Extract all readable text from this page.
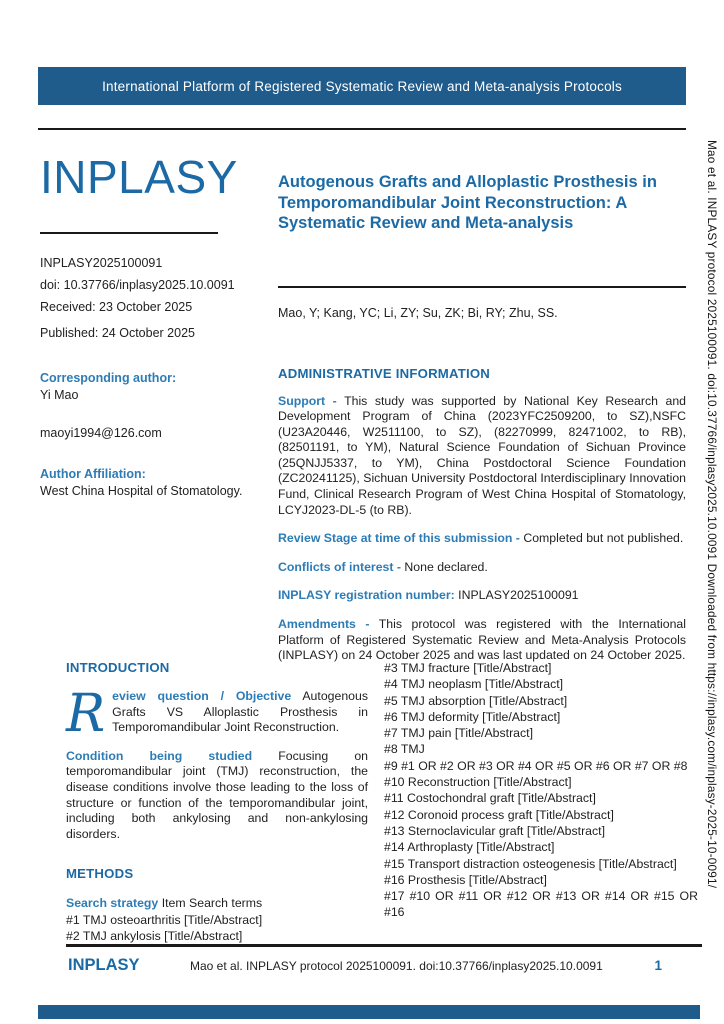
International Platform of Registered Systematic Review and Meta-analysis Protocols
INPLASY
INPLASY2025100091
doi: 10.37766/inplasy2025.10.0091
Received: 23 October 2025
Published: 24 October 2025
Corresponding author:
Yi Mao
maoyi1994@126.com
Author Affiliation:
West China Hospital of Stomatology.
Autogenous Grafts and Alloplastic Prosthesis in Temporomandibular Joint Reconstruction: A Systematic Review and Meta-analysis
Mao, Y; Kang, YC; Li, ZY; Su, ZK; Bi, RY; Zhu, SS.
ADMINISTRATIVE INFORMATION
Support - This study was supported by National Key Research and Development Program of China (2023YFC2509200, to SZ),NSFC (U23A20446, W2511100, to SZ), (82270999, 82471002, to RB), (82501191, to YM), Natural Science Foundation of Sichuan Province (25QNJJ5337, to YM), China Postdoctoral Science Foundation (ZC20241125), Sichuan University Postdoctoral Interdisciplinary Innovation Fund, Clinical Research Program of West China Hospital of Stomatology, LCYJ2023-DL-5 (to RB).
Review Stage at time of this submission - Completed but not published.
Conflicts of interest - None declared.
INPLASY registration number: INPLASY2025100091
Amendments - This protocol was registered with the International Platform of Registered Systematic Review and Meta-Analysis Protocols (INPLASY) on 24 October 2025 and was last updated on 24 October 2025.
INTRODUCTION
Review question / Objective Autogenous Grafts VS Alloplastic Prosthesis in Temporomandibular Joint Reconstruction.
Condition being studied Focusing on temporomandibular joint (TMJ) reconstruction, the disease conditions involve those leading to the loss of structure or function of the temporomandibular joint, including both ankylosing and non-ankylosing disorders.
METHODS
Search strategy Item Search terms
#1 TMJ osteoarthritis [Title/Abstract]
#2 TMJ ankylosis [Title/Abstract]
#3 TMJ fracture [Title/Abstract]
#4 TMJ neoplasm [Title/Abstract]
#5 TMJ absorption [Title/Abstract]
#6 TMJ deformity [Title/Abstract]
#7 TMJ pain [Title/Abstract]
#8 TMJ
#9 #1 OR #2 OR #3 OR #4 OR #5 OR #6 OR #7 OR #8
#10 Reconstruction [Title/Abstract]
#11 Costochondral graft [Title/Abstract]
#12 Coronoid process graft [Title/Abstract]
#13 Sternoclavicular graft [Title/Abstract]
#14 Arthroplasty [Title/Abstract]
#15 Transport distraction osteogenesis [Title/Abstract]
#16 Prosthesis [Title/Abstract]
#17 #10 OR #11 OR #12 OR #13 OR #14 OR #15 OR #16
INPLASY	Mao et al. INPLASY protocol 2025100091. doi:10.37766/inplasy2025.10.0091	1
Mao et al. INPLASY protocol 2025100091. doi:10.37766/inplasy2025.10.0091 Downloaded from https://inplasy.com/inplasy-2025-10-0091/
